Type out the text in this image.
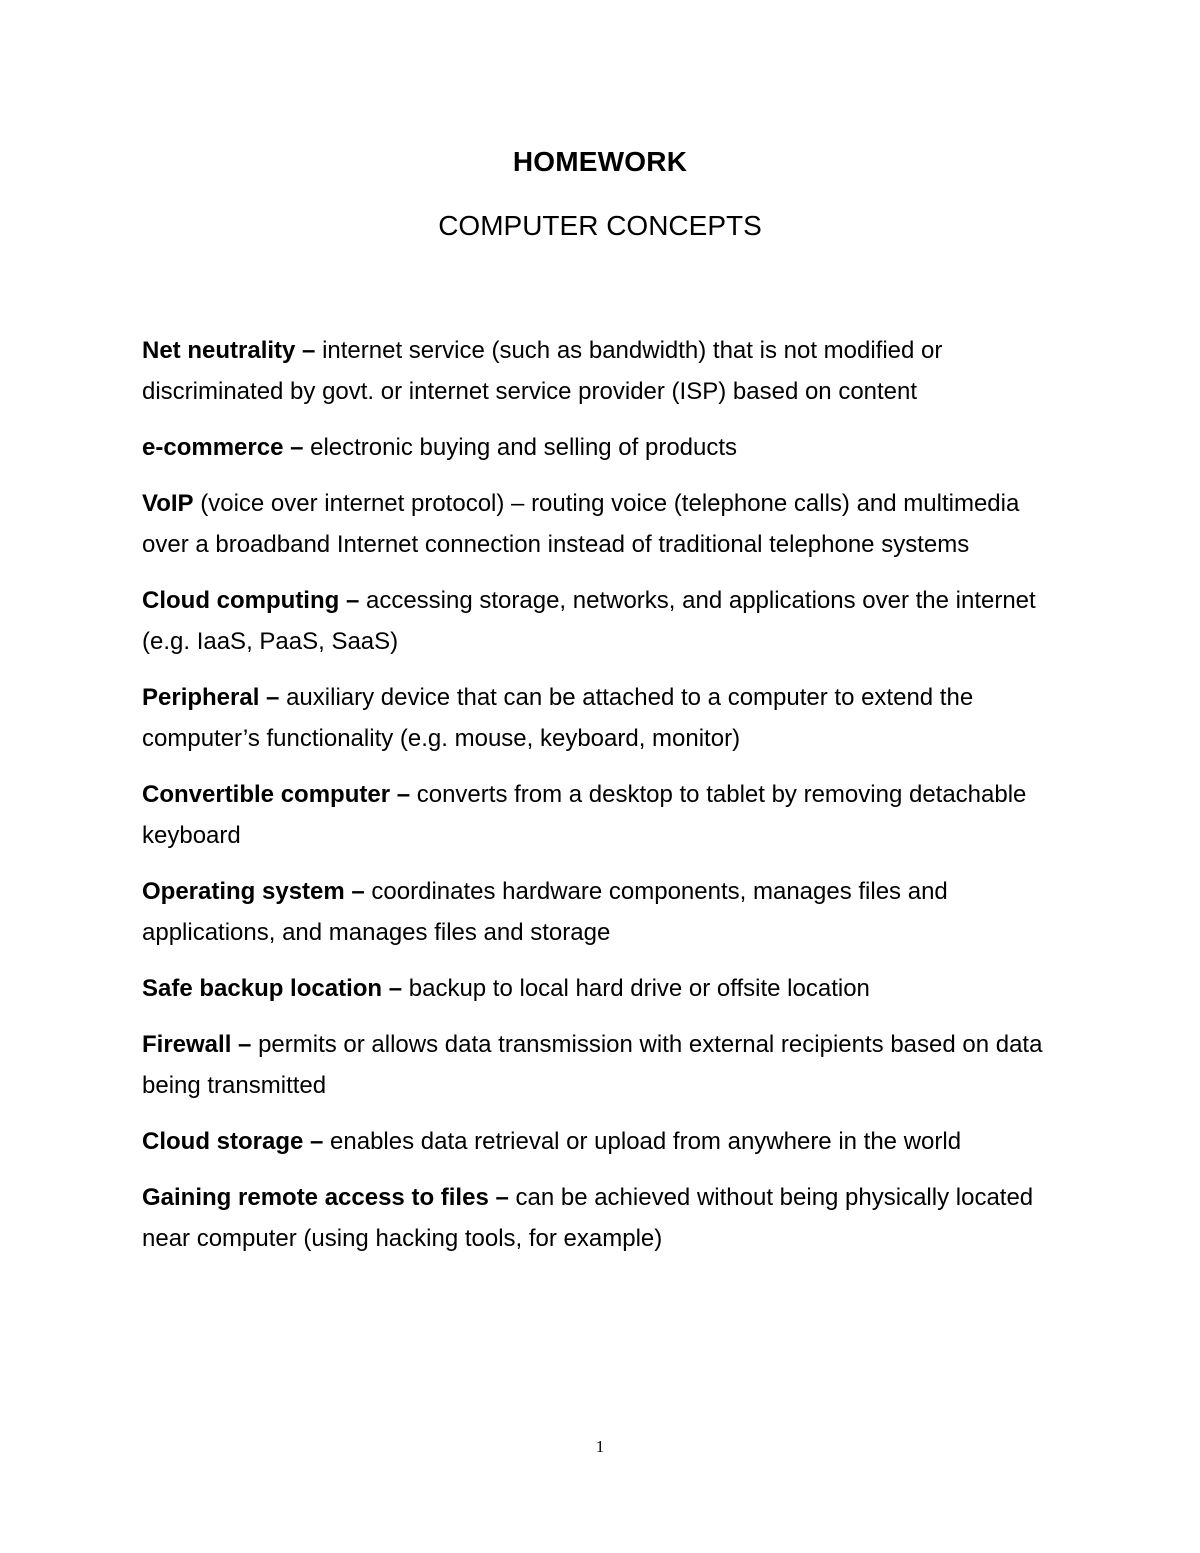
HOMEWORK
COMPUTER CONCEPTS

Net neutrality – internet service (such as bandwidth) that is not modified or discriminated by govt. or internet service provider (ISP) based on content

e-commerce – electronic buying and selling of products

VoIP (voice over internet protocol) – routing voice (telephone calls) and multimedia over a broadband Internet connection instead of traditional telephone systems

Cloud computing – accessing storage, networks, and applications over the internet (e.g. IaaS, PaaS, SaaS)

Peripheral – auxiliary device that can be attached to a computer to extend the computer’s functionality (e.g. mouse, keyboard, monitor)

Convertible computer – converts from a desktop to tablet by removing detachable keyboard

Operating system – coordinates hardware components, manages files and applications, and manages files and storage

Safe backup location – backup to local hard drive or offsite location

Firewall – permits or allows data transmission with external recipients based on data being transmitted

Cloud storage – enables data retrieval or upload from anywhere in the world

Gaining remote access to files – can be achieved without being physically located near computer (using hacking tools, for example)

1
